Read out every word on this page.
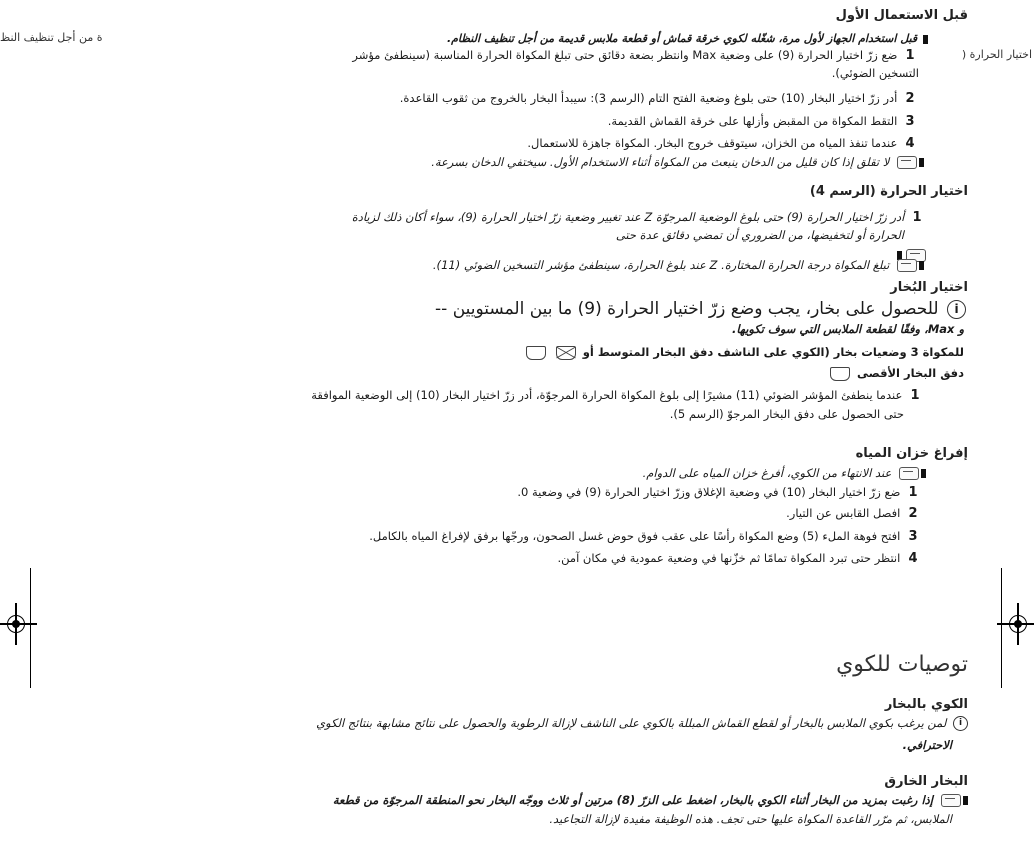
قبل الاستعمال الأول
ة من أجل تنظيف النظ	قبل استخدام الجهاز لأول مرة، شغّله لكوي خرقة قماش أو قطعة ملابس قديمة من أجل تنظيف النظام.
اختيار الحرارة (
1 ضع زرّ اختيار الحرارة (9) على وضعية Max وانتظر بضعة دقائق حتى تبلغ المكواة الحرارة المناسبة (سينطفئ مؤشر
التسخين الضوئي).
2 أدر زرّ اختيار البخار (10) حتى بلوغ وضعية الفتح التام (الرسم 3): سيبدأ البخار بالخروج من ثقوب القاعدة.
3 التقط المكواة من المقبض وأزلها على خرقة القماش القديمة.
4 عندما تنفذ المياه من الخزان، سيتوقف خروج البخار. المكواة جاهزة للاستعمال.
لا تقلق إذا كان قليل من الدخان ينبعث من المكواة أثناء الاستخدام الأول. سيختفي الدخان بسرعة.
اختيار الحرارة (الرسم 4)
1 أدر زرّ اختيار الحرارة (9) حتى بلوغ الوضعية المرجوّة Z عند تغيير وضعية زرّ اختيار الحرارة (9)، سواء أكان ذلك لزيادة
الحرارة أو لتخفيضها، من الضروري أن تمضي دقائق عدة حتى
تبلغ المكواة درجة الحرارة المختارة. Z عند بلوغ الحرارة، سينطفئ مؤشر التسخين الضوئي (11).
اختيار البُخار
i للحصول على بخار، يجب وضع زرّ اختيار الحرارة (9) ما بين المستويين --
و Max، وفقًا لقطعة الملابس التي سوف تكويها.
للمكواة 3 وضعيات بخار (الكوي على الناشف دفق البخار المتوسط أو
دفق البخار الأقصى
1 عندما ينطفئ المؤشر الضوئي (11) مشيرًا إلى بلوغ المكواة الحرارة المرجوّة، أدر زرّ اختيار البخار (10) إلى الوضعية الموافقة
حتى الحصول على دفق البخار المرجوّ (الرسم 5).
إفراغ خزان المياه
عند الانتهاء من الكوي، أفرغ خزان المياه على الدوام.
1 ضع زرّ اختيار البخار (10) في وضعية الإغلاق وزرّ اختيار الحرارة (9) في وضعية 0.
2 افصل القابس عن التيار.
3 افتح فوهة الملء (5) وضع المكواة رأسًا على عقب فوق حوض غسل الصحون، ورجّها برفق لإفراغ المياه بالكامل.
4 انتظر حتى تبرد المكواة تمامًا ثم خزّنها في وضعية عمودية في مكان آمن.
توصيات للكوي
الكوي بالبخار
i لمن يرغب بكوي الملابس بالبخار أو لقطع القماش المبللة بالكوي على الناشف لإزالة الرطوبة والحصول على نتائج مشابهة بنتائج الكوي
الاحترافي.
البخار الخارق
إذا رغبت بمزيد من البخار أثناء الكوي بالبخار، اضغط على الزرّ (8) مرتين أو ثلاث ووجّه البخار نحو المنطقة المرجوّة من قطعة
الملابس، ثم مرّر القاعدة المكواة عليها حتى تجف. هذه الوظيفة مفيدة لإزالة التجاعيد.
